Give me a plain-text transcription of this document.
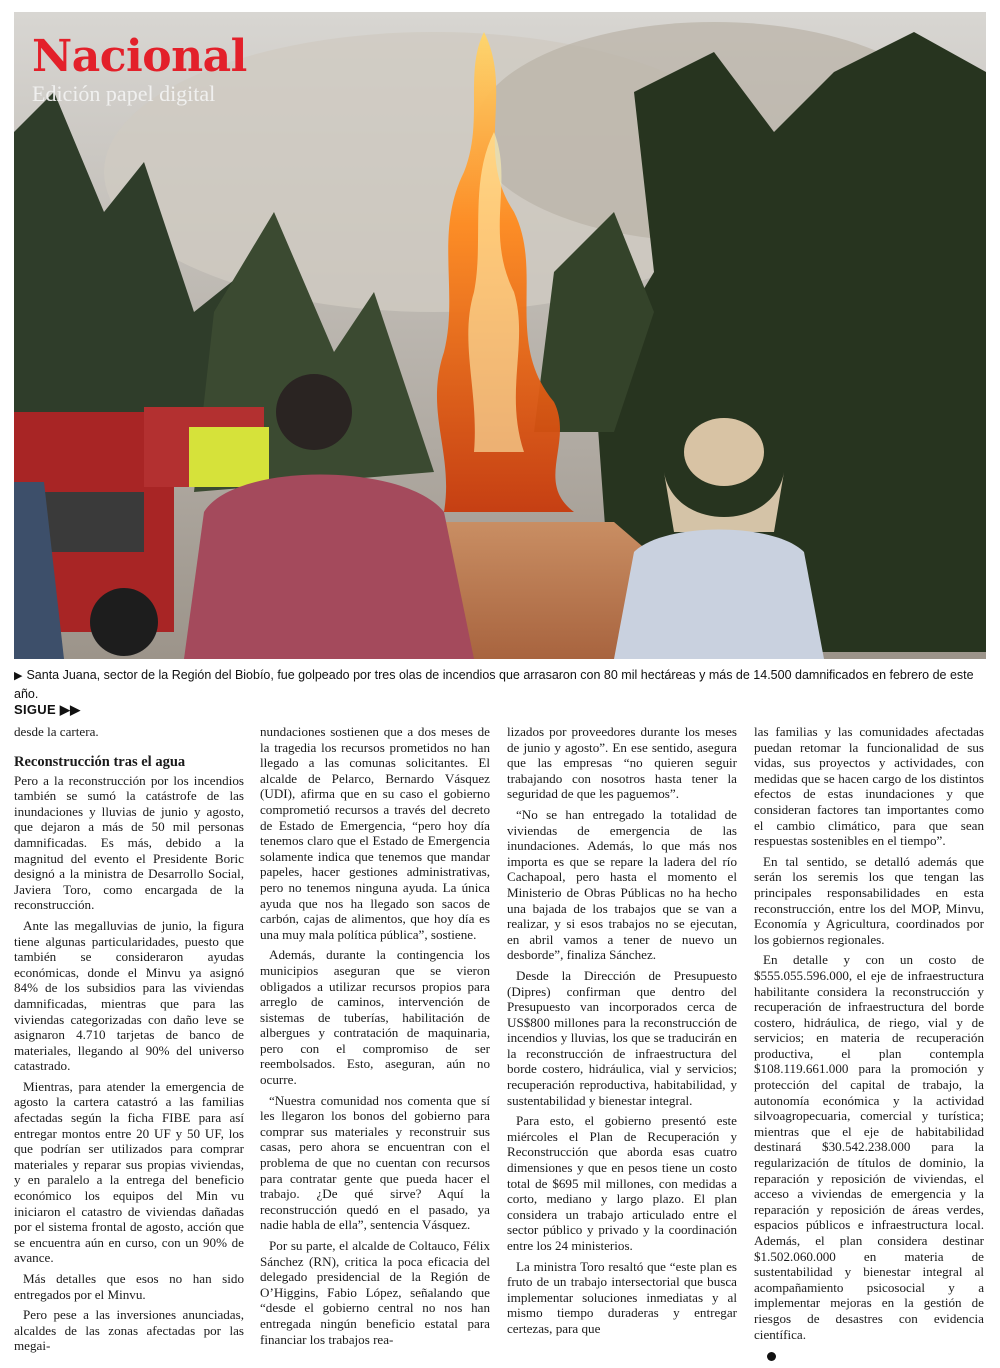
Nacional
Edición papel digital
▶ Santa Juana, sector de la Región del Biobío, fue golpeado por tres olas de incendios que arrasaron con 80 mil hectáreas y más de 14.500 damnificados en febrero de este año.
SIGUE ▶▶

desde la cartera.

Reconstrucción tras el agua

Pero a la reconstrucción por los incendios también se sumó la catástrofe de las inundaciones y lluvias de junio y agosto, que dejaron a más de 50 mil personas damnificadas. Es más, debido a la magnitud del evento el Presidente Boric designó a la ministra de Desarrollo Social, Javiera Toro, como encargada de la reconstrucción.

Ante las megalluvias de junio, la figura tiene algunas particularidades, puesto que también se consideraron ayudas económicas, donde el Minvu ya asignó 84% de los subsidios para las viviendas damnificadas, mientras que para las viviendas categorizadas con daño leve se asignaron 4.710 tarjetas de banco de materiales, llegando al 90% del universo catastrado.

Mientras, para atender la emergencia de agosto la cartera catastró a las familias afectadas según la ficha FIBE para así entregar montos entre 20 UF y 50 UF, los que podrían ser utilizados para comprar materiales y reparar sus propias viviendas, y en paralelo a la entrega del beneficio económico los equipos del Min vu iniciaron el catastro de viviendas dañadas por el sistema frontal de agosto, acción que se encuentra aún en curso, con un 90% de avance.

Más detalles que esos no han sido entregados por el Minvu.

Pero pese a las inversiones anunciadas, alcaldes de las zonas afectadas por las megai-

nundaciones sostienen que a dos meses de la tragedia los recursos prometidos no han llegado a las comunas solicitantes. El alcalde de Pelarco, Bernardo Vásquez (UDI), afirma que en su caso el gobierno comprometió recursos a través del decreto de Estado de Emergencia, “pero hoy día tenemos claro que el Estado de Emergencia solamente indica que tenemos que mandar papeles, hacer gestiones administrativas, pero no tenemos ninguna ayuda. La única ayuda que nos ha llegado son sacos de carbón, cajas de alimentos, que hoy día es una muy mala política pública”, sostiene.

Además, durante la contingencia los municipios aseguran que se vieron obligados a utilizar recursos propios para arreglo de caminos, intervención de sistemas de tuberías, habilitación de albergues y contratación de maquinaria, pero con el compromiso de ser reembolsados. Esto, aseguran, aún no ocurre.

“Nuestra comunidad nos comenta que sí les llegaron los bonos del gobierno para comprar sus materiales y reconstruir sus casas, pero ahora se encuentran con el problema de que no cuentan con recursos para contratar gente que pueda hacer el trabajo. ¿De qué sirve? Aquí la reconstrucción quedó en el pasado, ya nadie habla de ella”, sentencia Vásquez.

Por su parte, el alcalde de Coltauco, Félix Sánchez (RN), critica la poca eficacia del delegado presidencial de la Región de O’Higgins, Fabio López, señalando que “desde el gobierno central no nos han entregada ningún beneficio estatal para financiar los trabajos rea-

lizados por proveedores durante los meses de junio y agosto”. En ese sentido, asegura que las empresas “no quieren seguir trabajando con nosotros hasta tener la seguridad de que les paguemos”.

“No se han entregado la totalidad de viviendas de emergencia de las inundaciones. Además, lo que más nos importa es que se repare la ladera del río Cachapoal, pero hasta el momento el Ministerio de Obras Públicas no ha hecho una bajada de los trabajos que se van a realizar, y si esos trabajos no se ejecutan, en abril vamos a tener de nuevo un desborde”, finaliza Sánchez.

Desde la Dirección de Presupuesto (Dipres) confirman que dentro del Presupuesto van incorporados cerca de US$800 millones para la reconstrucción de incendios y lluvias, los que se traducirán en la reconstrucción de infraestructura del borde costero, hidráulica, vial y servicios; recuperación reproductiva, habitabilidad, y sustentabilidad y bienestar integral.

Para esto, el gobierno presentó este miércoles el Plan de Recuperación y Reconstrucción que aborda esas cuatro dimensiones y que en pesos tiene un costo total de $695 mil millones, con medidas a corto, mediano y largo plazo. El plan considera un trabajo articulado entre el sector público y privado y la coordinación entre los 24 ministerios.

La ministra Toro resaltó que “este plan es fruto de un trabajo intersectorial que busca implementar soluciones inmediatas y al mismo tiempo duraderas y entregar certezas, para que

las familias y las comunidades afectadas puedan retomar la funcionalidad de sus vidas, sus proyectos y actividades, con medidas que se hacen cargo de los distintos efectos de estas inundaciones y que consideran factores tan importantes como el cambio climático, para que sean respuestas sostenibles en el tiempo”.

En tal sentido, se detalló además que serán los seremis los que tengan las principales responsabilidades en esta reconstrucción, entre los del MOP, Minvu, Economía y Agricultura, coordinados por los gobiernos regionales.

En detalle y con un costo de $555.055.596.000, el eje de infraestructura habilitante considera la reconstrucción y recuperación de infraestructura del borde costero, hidráulica, de riego, vial y de servicios; en materia de recuperación productiva, el plan contempla $108.119.661.000 para la promoción y protección del capital de trabajo, la autonomía económica y la actividad silvoagropecuaria, comercial y turística; mientras que el eje de habitabilidad destinará $30.542.238.000 para la regularización de títulos de dominio, la reparación y reposición de viviendas, el acceso a viviendas de emergencia y la reparación y reposición de áreas verdes, espacios públicos e infraestructura local. Además, el plan considera destinar $1.502.060.000 en materia de sustentabilidad y bienestar integral al acompañamiento psicosocial y a implementar mejoras en la gestión de riesgos de desastres con evidencia científica.
